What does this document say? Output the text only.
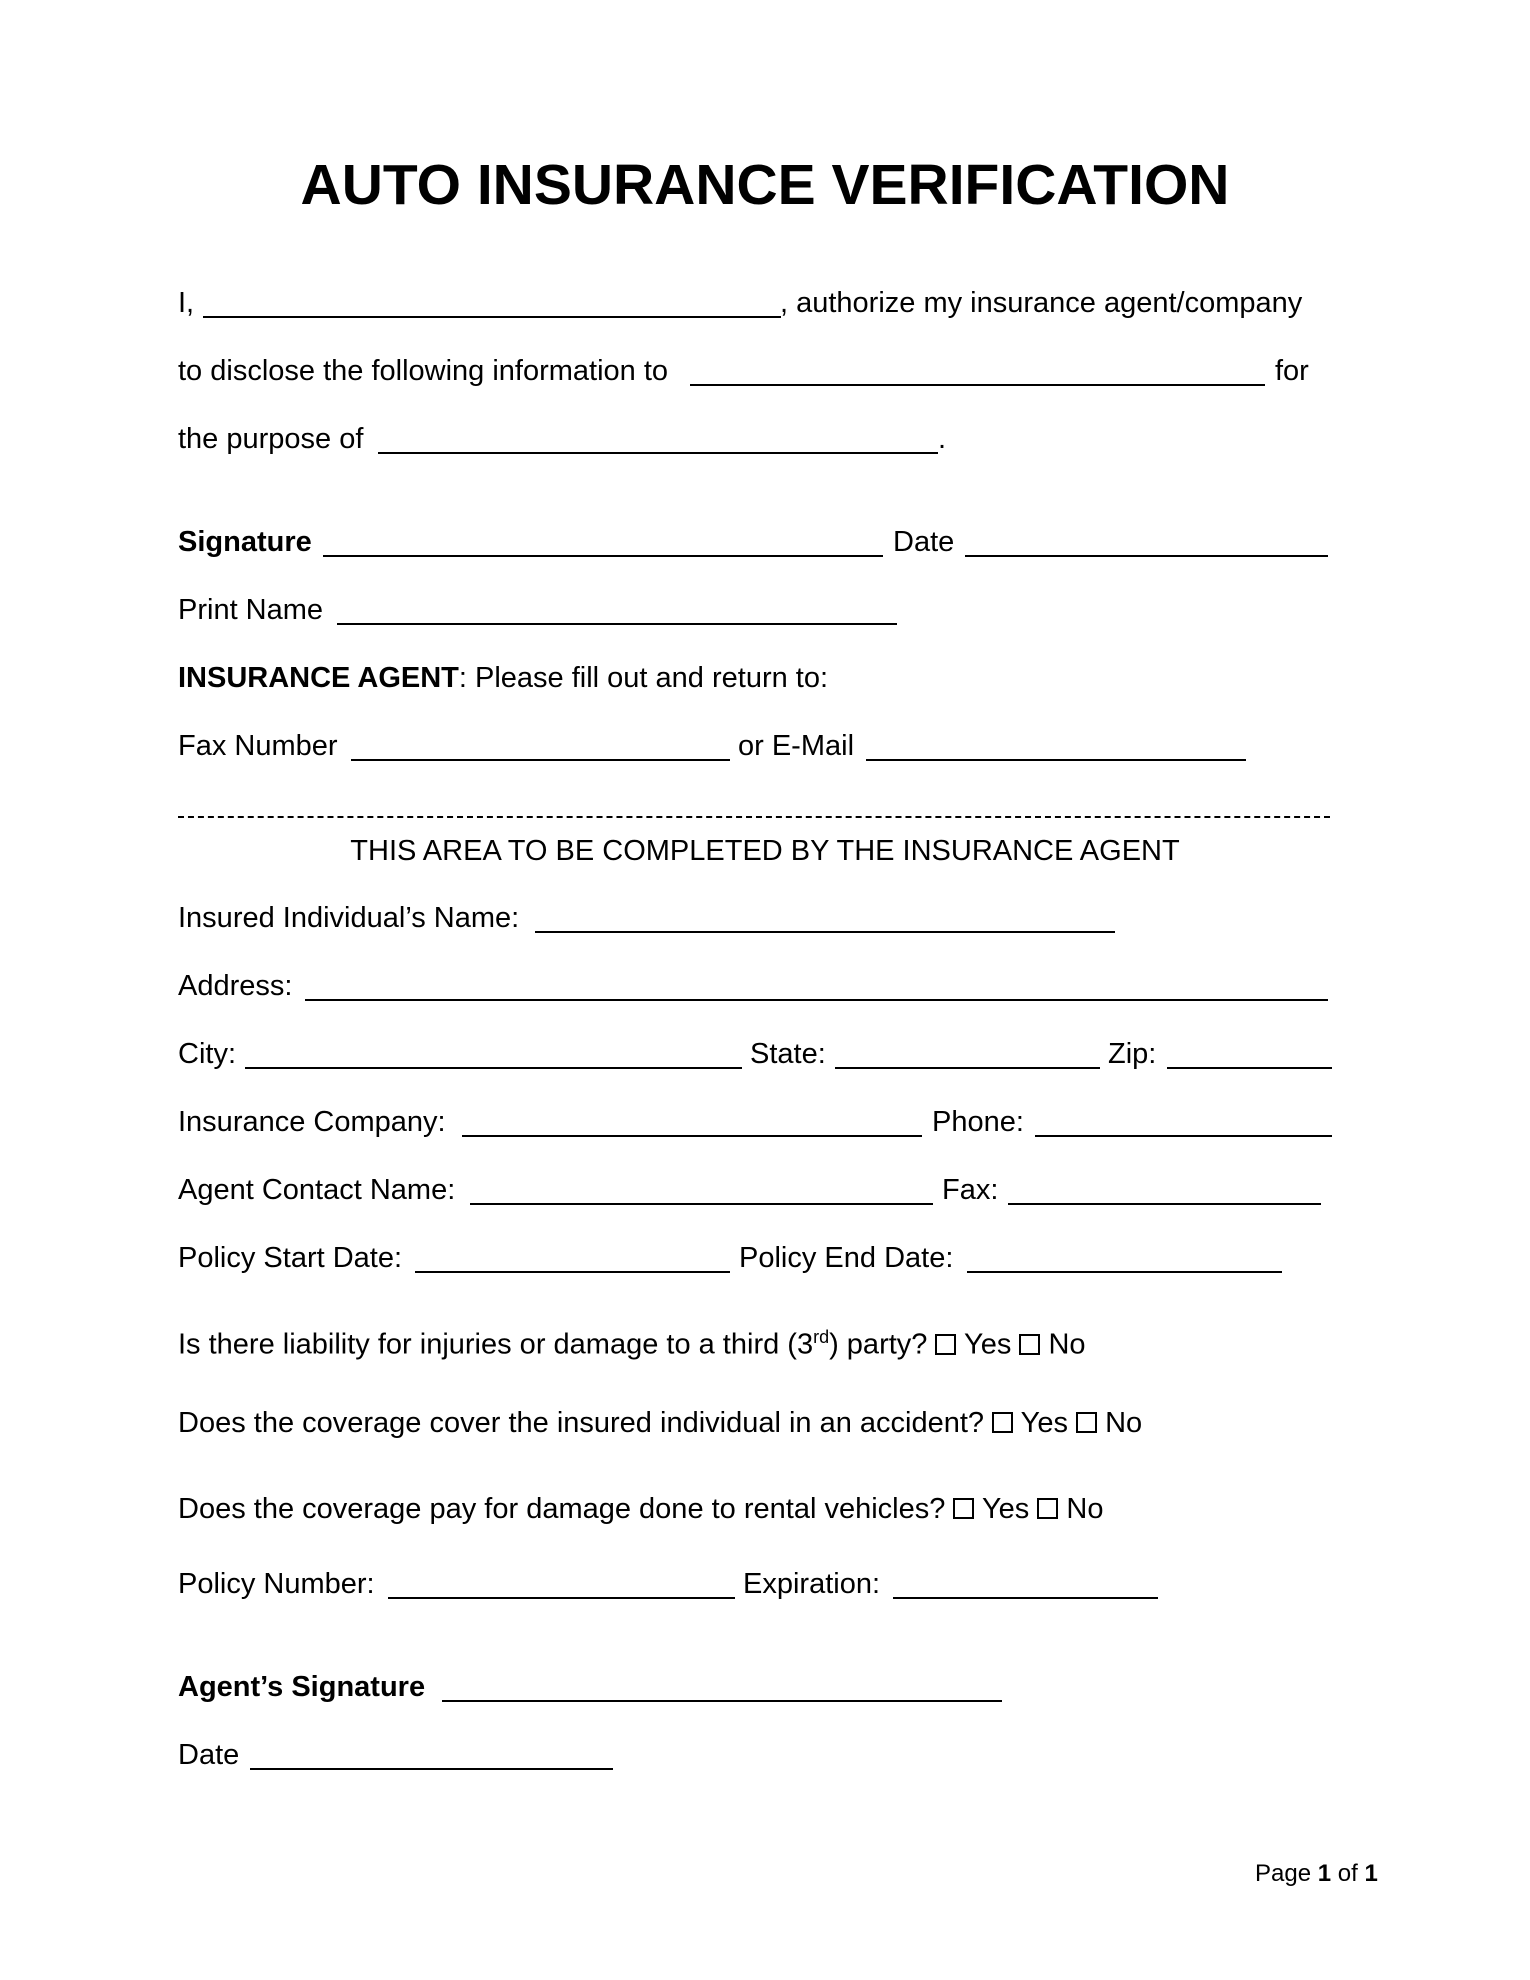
AUTO INSURANCE VERIFICATION
I,	, authorize my insurance agent/company
to disclose the following information to	for
the purpose of	.
Signature	Date
Print Name
INSURANCE AGENT: Please fill out and return to:
Fax Number	or E-Mail
THIS AREA TO BE COMPLETED BY THE INSURANCE AGENT
Insured Individual’s Name:
Address:
City:	State:	Zip:
Insurance Company:	Phone:
Agent Contact Name:	Fax:
Policy Start Date:	Policy End Date:
Is there liability for injuries or damage to a third (3rd) party? Yes No
Does the coverage cover the insured individual in an accident? Yes No
Does the coverage pay for damage done to rental vehicles? Yes No
Policy Number:	Expiration:
Agent’s Signature
Date
Page 1 of 1
